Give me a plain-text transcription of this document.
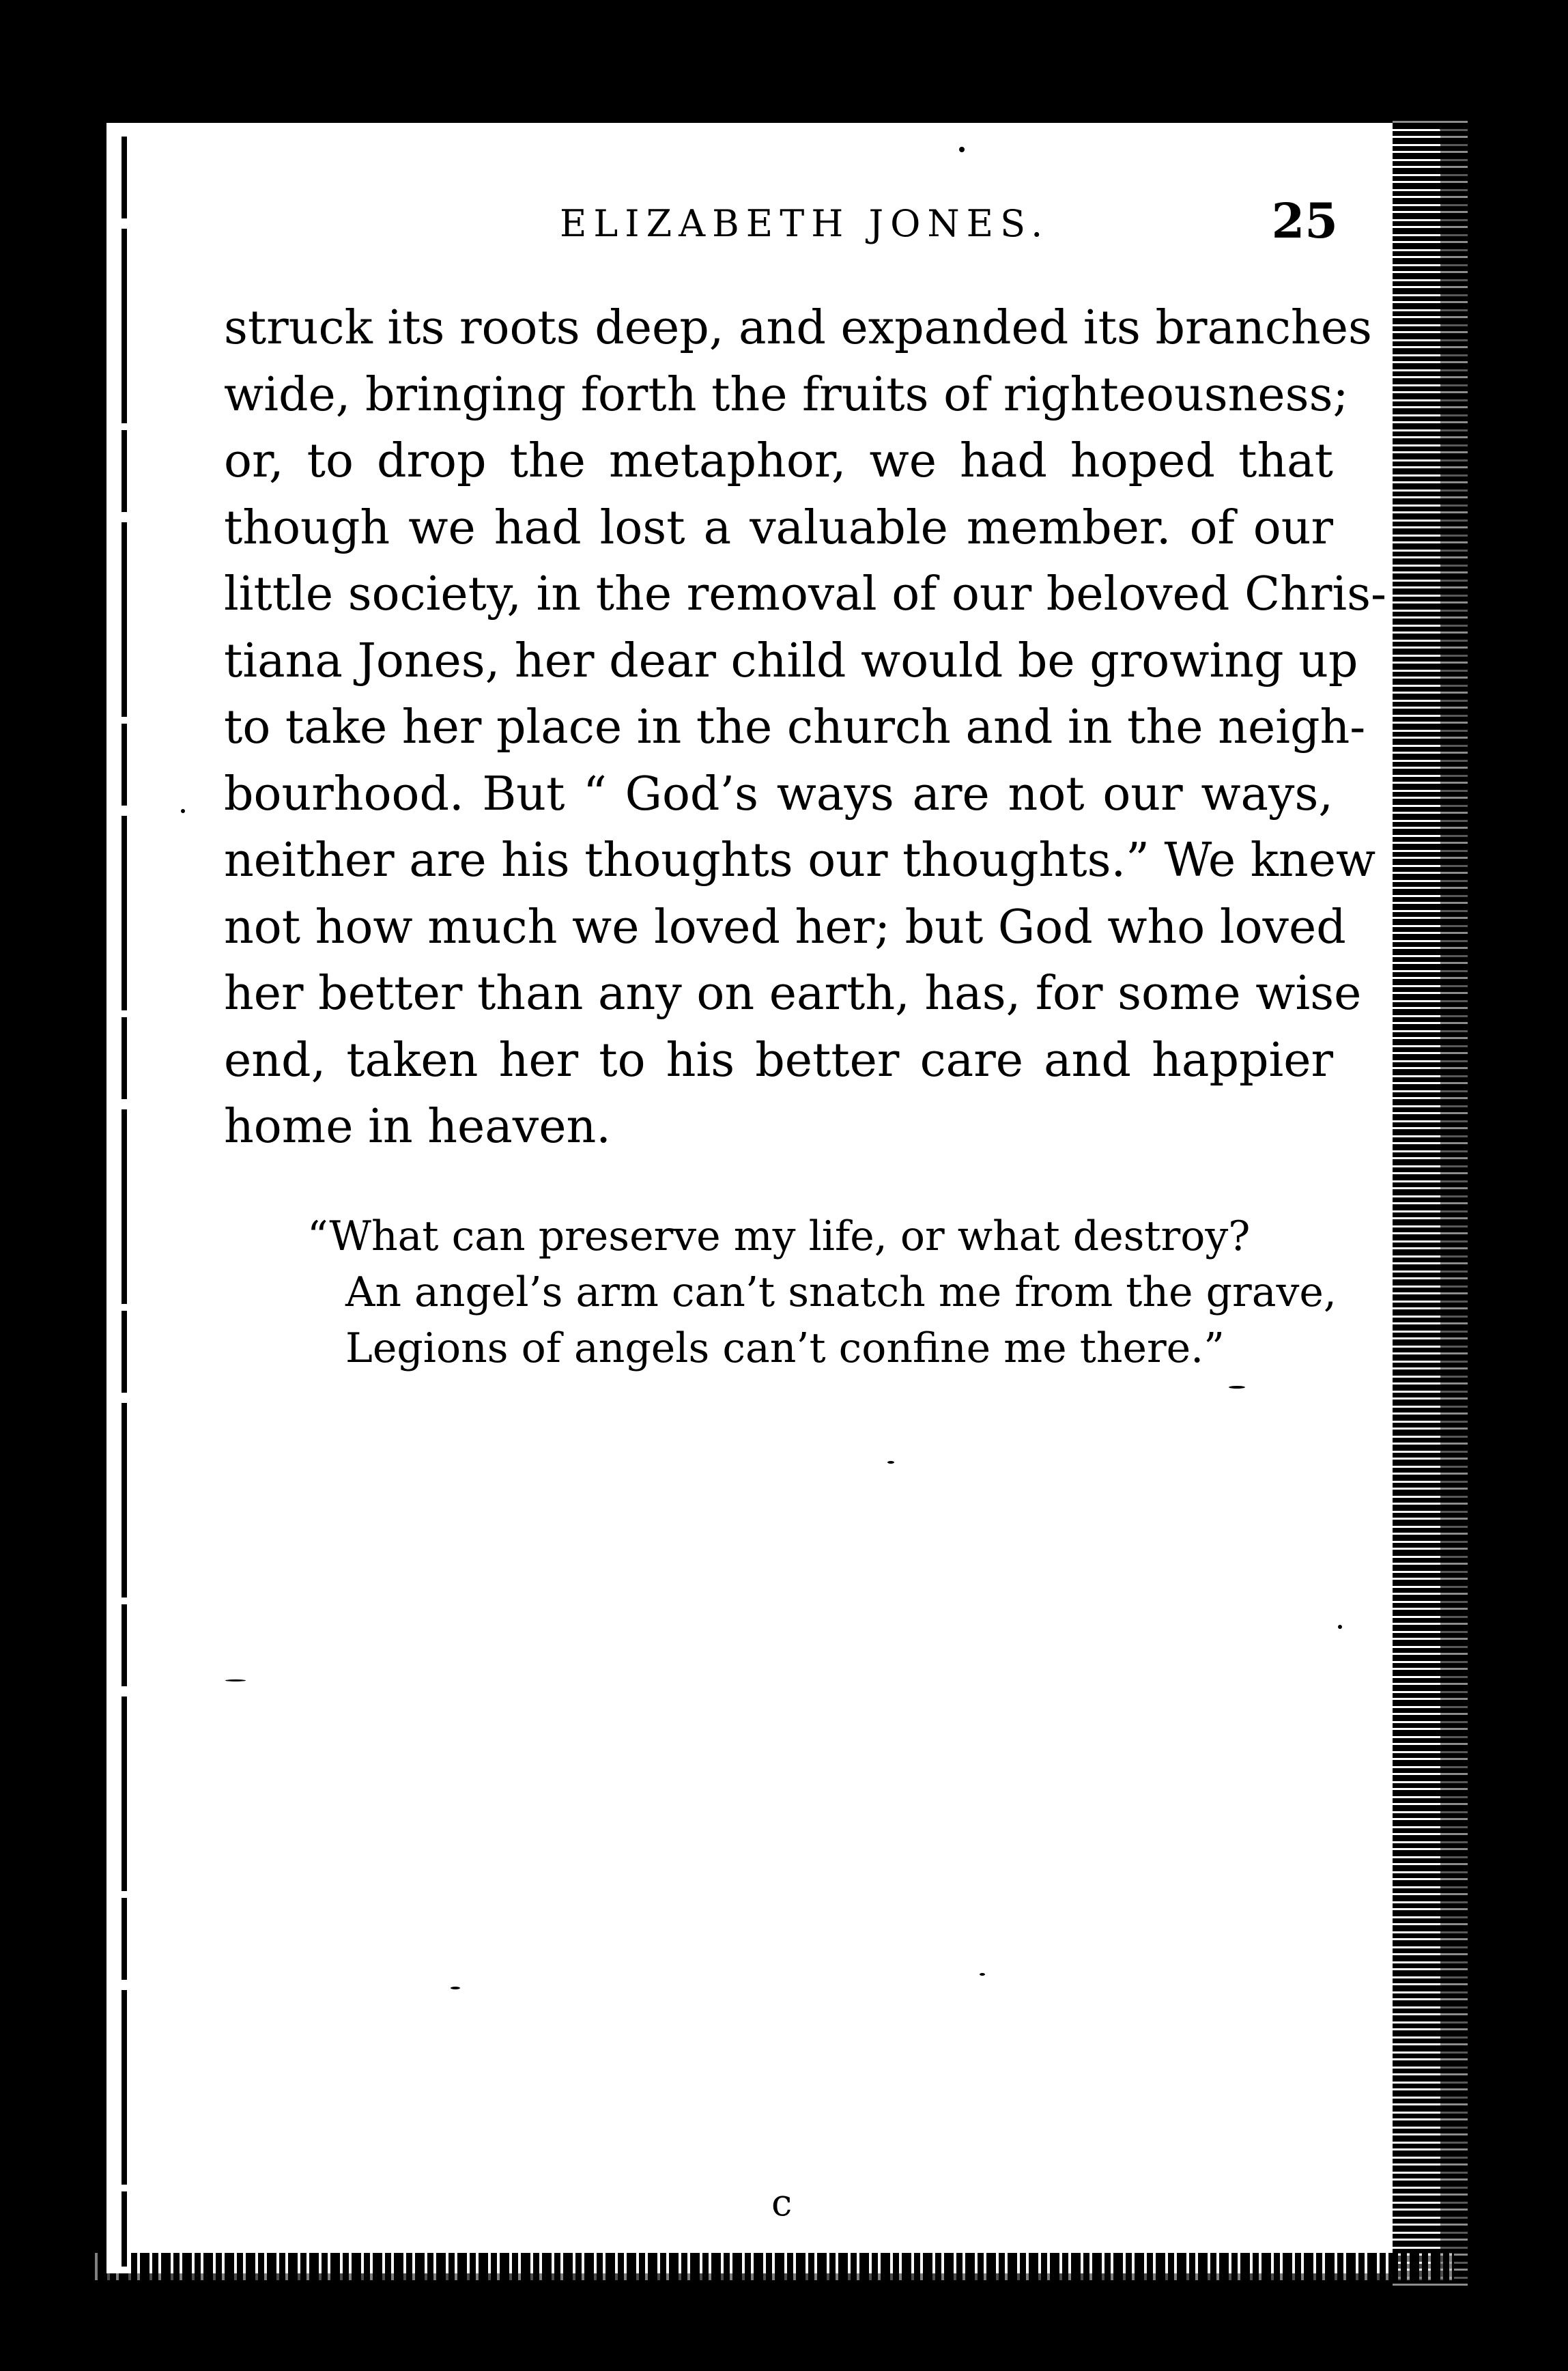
ELIZABETH JONES.	25
struck its roots deep, and expanded its branches
wide, bringing forth the fruits of righteousness;
or, to drop the metaphor, we had hoped that
though we had lost a valuable member. of our
little society, in the removal of our beloved Chris-
tiana Jones, her dear child would be growing up
to take her place in the church and in the neigh-
bourhood. But “ God’s ways are not our ways,
neither are his thoughts our thoughts.” We knew
not how much we loved her; but God who loved
her better than any on earth, has, for some wise
end, taken her to his better care and happier
home in heaven.
“What can preserve my life, or what destroy?
An angel’s arm can’t snatch me from the grave,
Legions of angels can’t confine me there.”
c
